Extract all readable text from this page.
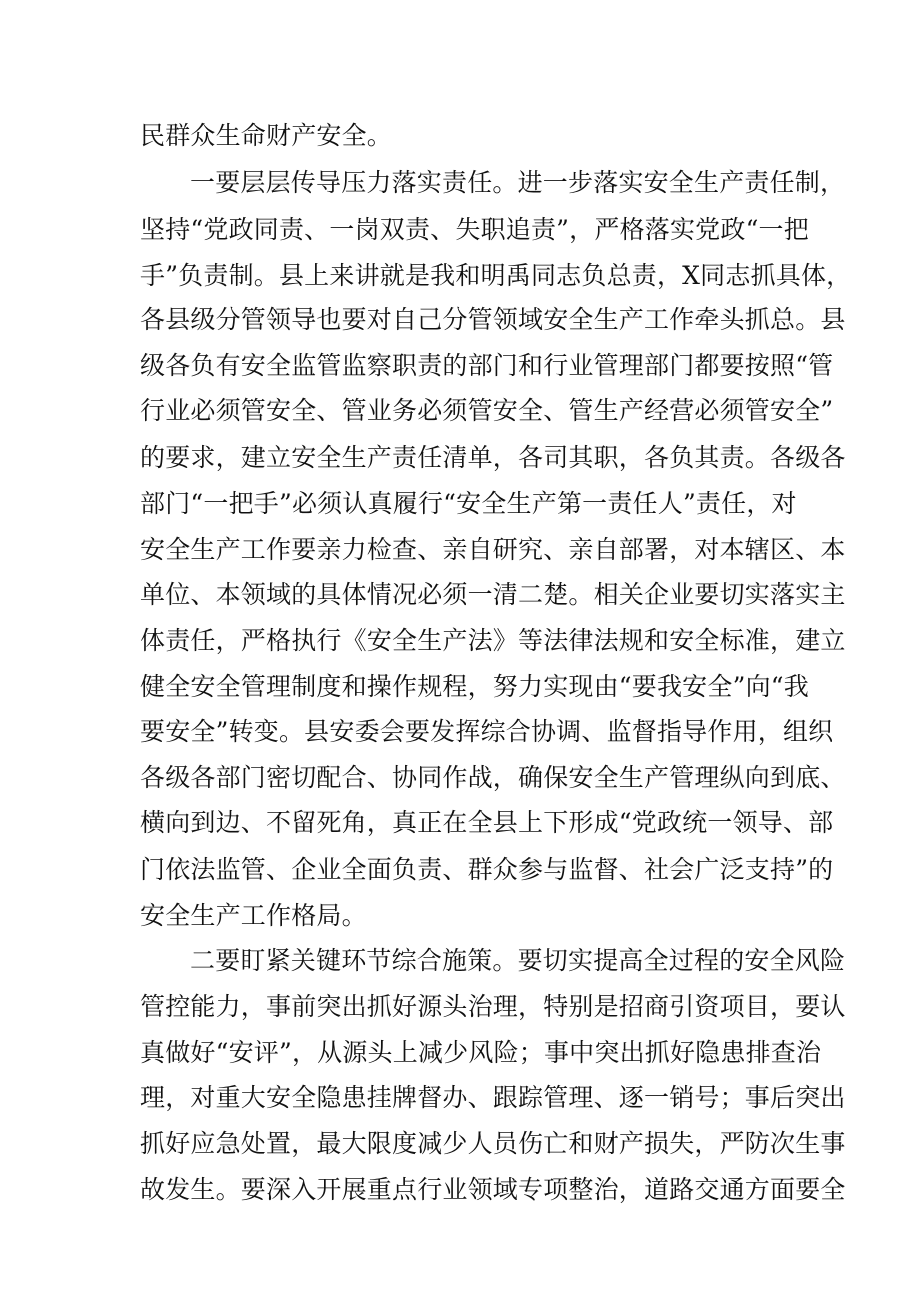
民群众生命财产安全。
一要层层传导压力落实责任。进一步落实安全生产责任制，
坚持“党政同责、一岗双责、失职追责”，严格落实党政“一把
手”负责制。县上来讲就是我和明禹同志负总责，X同志抓具体，
各县级分管领导也要对自己分管领域安全生产工作牵头抓总。县
级各负有安全监管监察职责的部门和行业管理部门都要按照“管
行业必须管安全、管业务必须管安全、管生产经营必须管安全”
的要求，建立安全生产责任清单，各司其职，各负其责。各级各
部门“一把手”必须认真履行“安全生产第一责任人”责任，对
安全生产工作要亲力检查、亲自研究、亲自部署，对本辖区、本
单位、本领域的具体情况必须一清二楚。相关企业要切实落实主
体责任，严格执行《安全生产法》等法律法规和安全标准，建立
健全安全管理制度和操作规程，努力实现由“要我安全”向“我
要安全”转变。县安委会要发挥综合协调、监督指导作用，组织
各级各部门密切配合、协同作战，确保安全生产管理纵向到底、
横向到边、不留死角，真正在全县上下形成“党政统一领导、部
门依法监管、企业全面负责、群众参与监督、社会广泛支持”的
安全生产工作格局。
二要盯紧关键环节综合施策。要切实提高全过程的安全风险
管控能力，事前突出抓好源头治理，特别是招商引资项目，要认
真做好“安评”，从源头上减少风险；事中突出抓好隐患排查治
理，对重大安全隐患挂牌督办、跟踪管理、逐一销号；事后突出
抓好应急处置，最大限度减少人员伤亡和财产损失，严防次生事
故发生。要深入开展重点行业领域专项整治，道路交通方面要全
